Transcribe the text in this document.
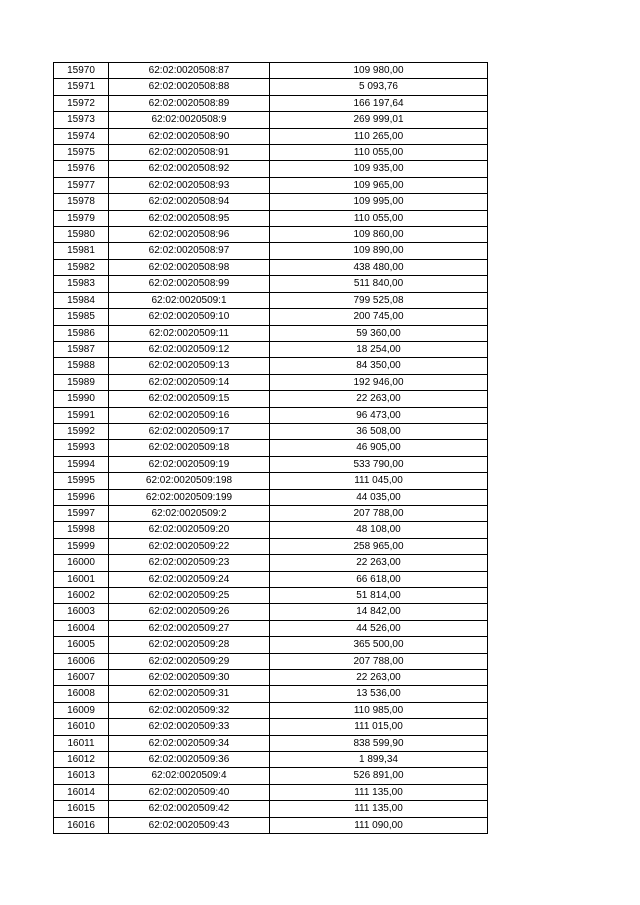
15970	62:02:0020508:87	109 980,00
15971	62:02:0020508:88	5 093,76
15972	62:02:0020508:89	166 197,64
15973	62:02:0020508:9	269 999,01
15974	62:02:0020508:90	110 265,00
15975	62:02:0020508:91	110 055,00
15976	62:02:0020508:92	109 935,00
15977	62:02:0020508:93	109 965,00
15978	62:02:0020508:94	109 995,00
15979	62:02:0020508:95	110 055,00
15980	62:02:0020508:96	109 860,00
15981	62:02:0020508:97	109 890,00
15982	62:02:0020508:98	438 480,00
15983	62:02:0020508:99	511 840,00
15984	62:02:0020509:1	799 525,08
15985	62:02:0020509:10	200 745,00
15986	62:02:0020509:11	59 360,00
15987	62:02:0020509:12	18 254,00
15988	62:02:0020509:13	84 350,00
15989	62:02:0020509:14	192 946,00
15990	62:02:0020509:15	22 263,00
15991	62:02:0020509:16	96 473,00
15992	62:02:0020509:17	36 508,00
15993	62:02:0020509:18	46 905,00
15994	62:02:0020509:19	533 790,00
15995	62:02:0020509:198	111 045,00
15996	62:02:0020509:199	44 035,00
15997	62:02:0020509:2	207 788,00
15998	62:02:0020509:20	48 108,00
15999	62:02:0020509:22	258 965,00
16000	62:02:0020509:23	22 263,00
16001	62:02:0020509:24	66 618,00
16002	62:02:0020509:25	51 814,00
16003	62:02:0020509:26	14 842,00
16004	62:02:0020509:27	44 526,00
16005	62:02:0020509:28	365 500,00
16006	62:02:0020509:29	207 788,00
16007	62:02:0020509:30	22 263,00
16008	62:02:0020509:31	13 536,00
16009	62:02:0020509:32	110 985,00
16010	62:02:0020509:33	111 015,00
16011	62:02:0020509:34	838 599,90
16012	62:02:0020509:36	1 899,34
16013	62:02:0020509:4	526 891,00
16014	62:02:0020509:40	111 135,00
16015	62:02:0020509:42	111 135,00
16016	62:02:0020509:43	111 090,00
